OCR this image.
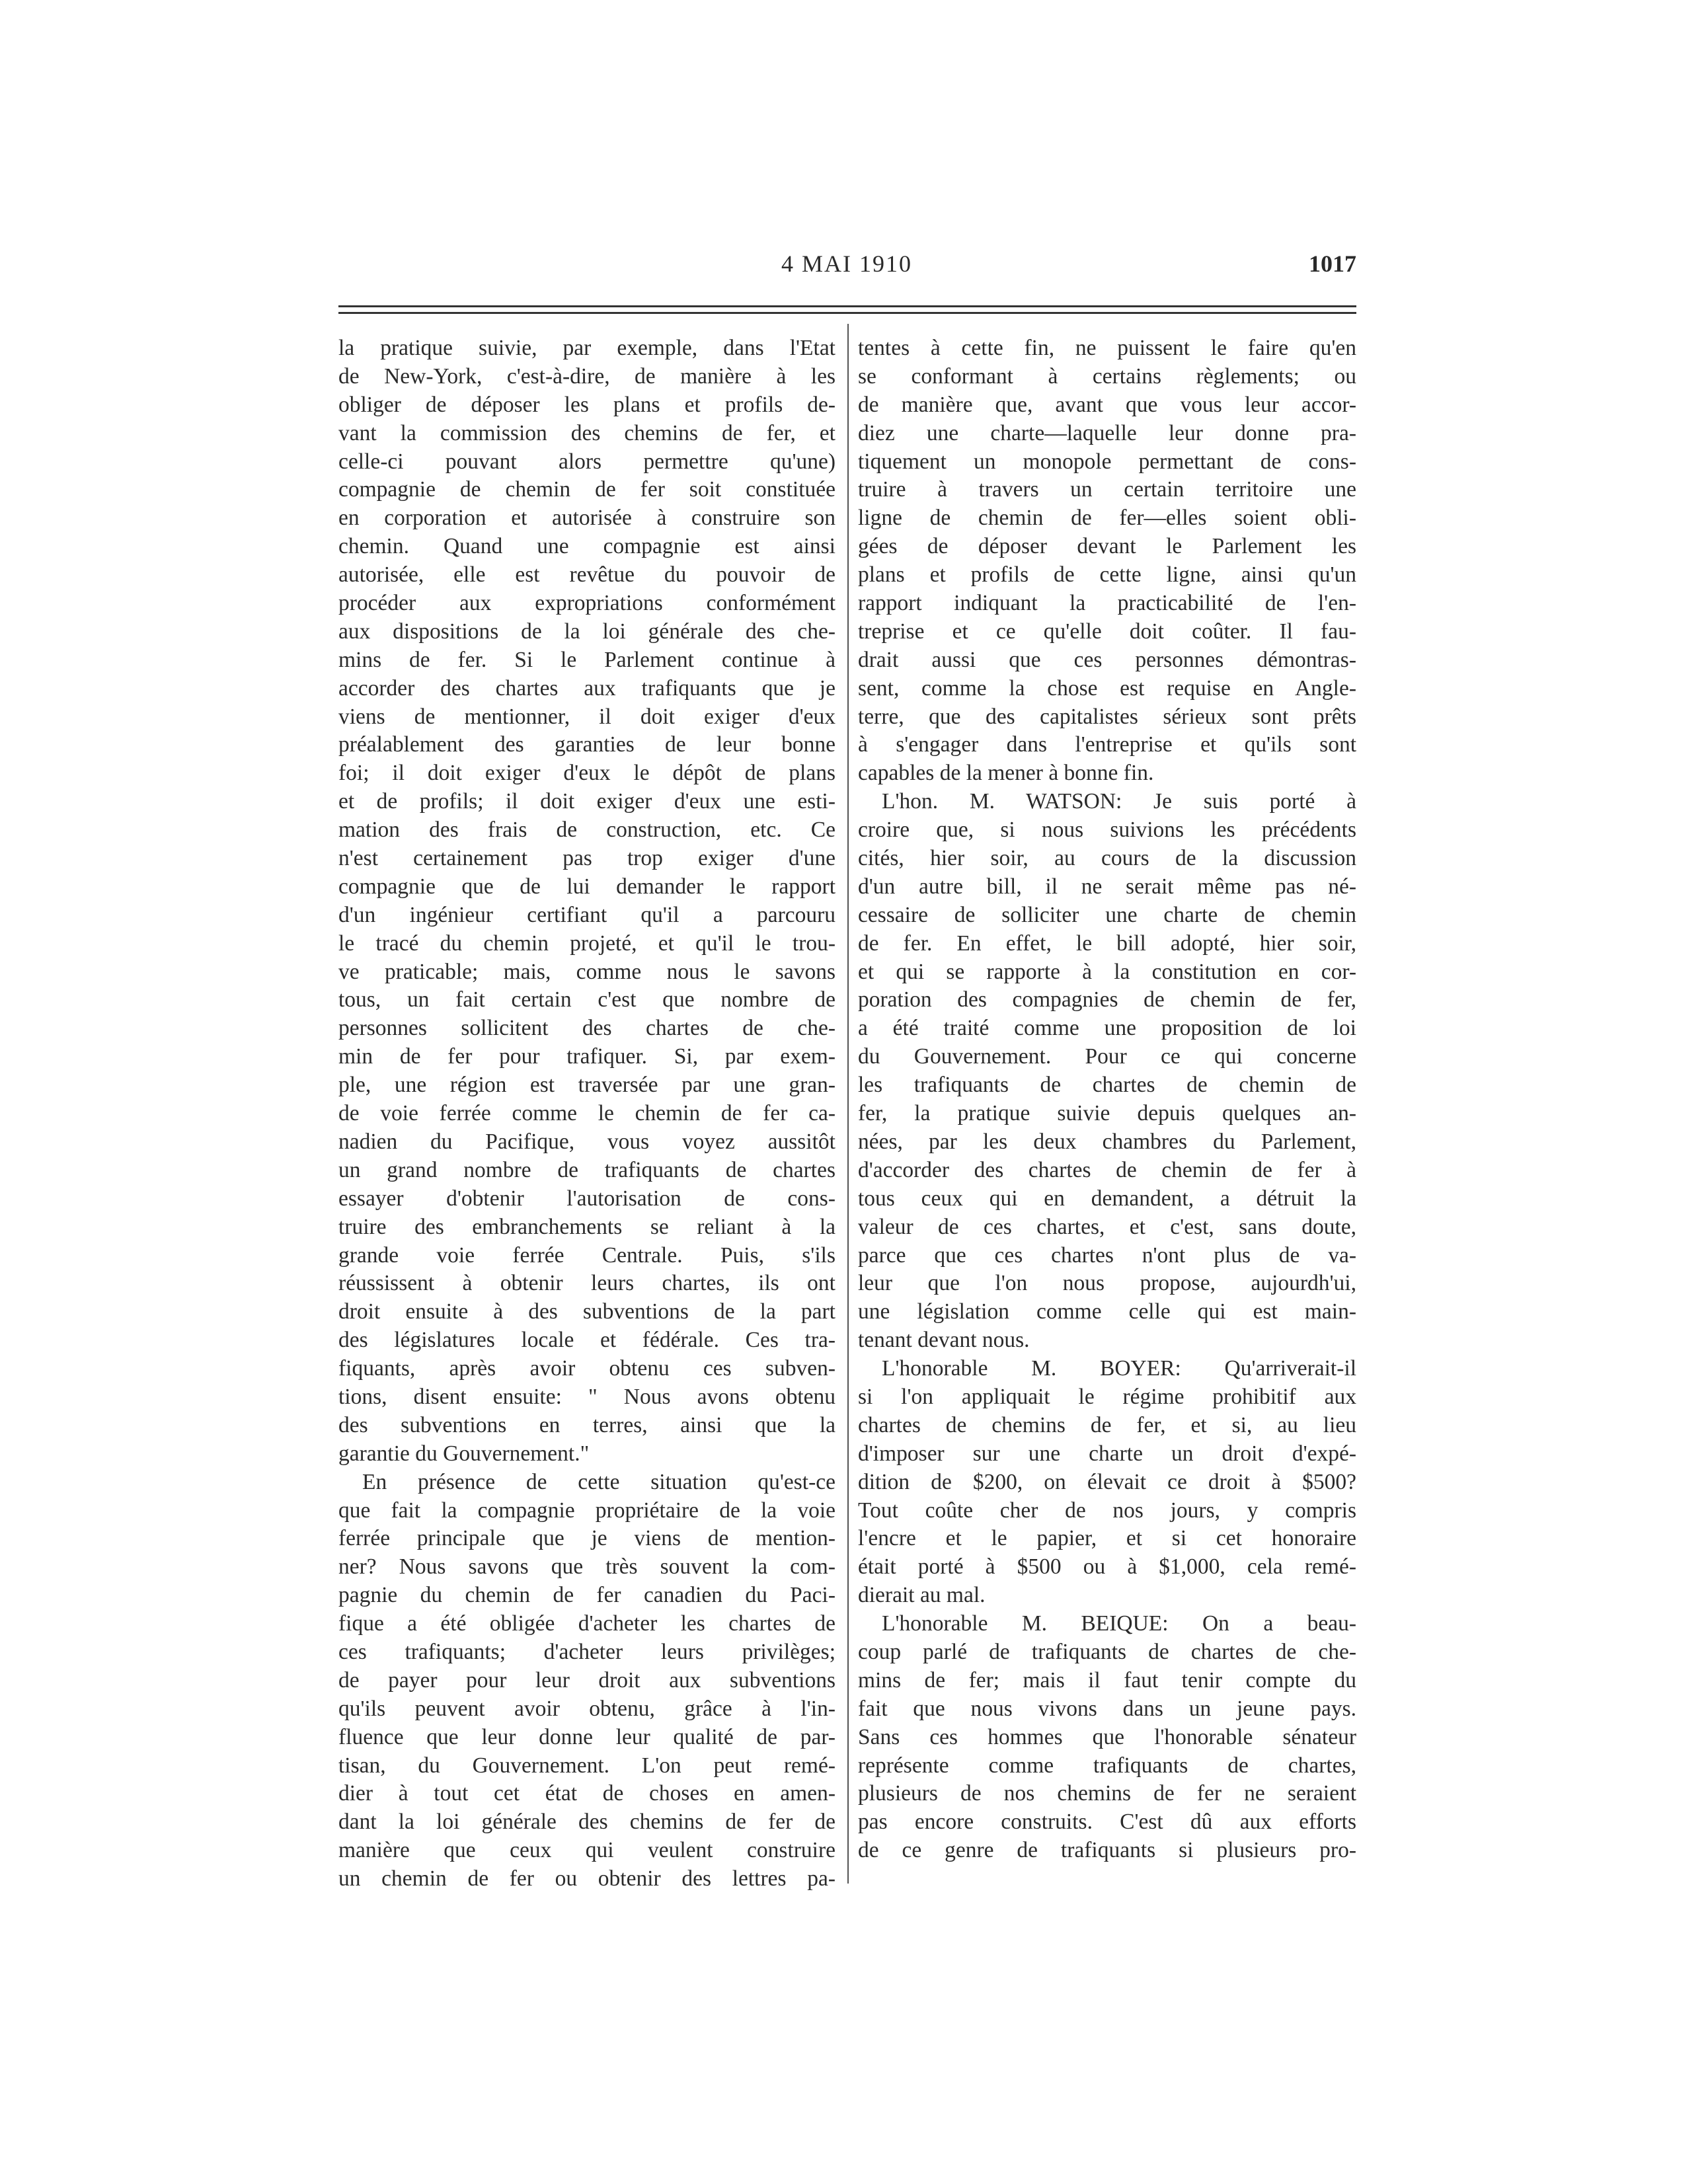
4 MAI 1910	1017
la pratique suivie, par exemple, dans l'Etat
de New-York, c'est-à-dire, de manière à les
obliger de déposer les plans et profils de-
vant la commission des chemins de fer, et
celle-ci pouvant alors permettre qu'une)
compagnie de chemin de fer soit constituée
en corporation et autorisée à construire son
chemin. Quand une compagnie est ainsi
autorisée, elle est revêtue du pouvoir de
procéder aux expropriations conformément
aux dispositions de la loi générale des che-
mins de fer. Si le Parlement continue à
accorder des chartes aux trafiquants que je
viens de mentionner, il doit exiger d'eux
préalablement des garanties de leur bonne
foi; il doit exiger d'eux le dépôt de plans
et de profils; il doit exiger d'eux une esti-
mation des frais de construction, etc. Ce
n'est certainement pas trop exiger d'une
compagnie que de lui demander le rapport
d'un ingénieur certifiant qu'il a parcouru
le tracé du chemin projeté, et qu'il le trou-
ve praticable; mais, comme nous le savons
tous, un fait certain c'est que nombre de
personnes sollicitent des chartes de che-
min de fer pour trafiquer. Si, par exem-
ple, une région est traversée par une gran-
de voie ferrée comme le chemin de fer ca-
nadien du Pacifique, vous voyez aussitôt
un grand nombre de trafiquants de chartes
essayer d'obtenir l'autorisation de cons-
truire des embranchements se reliant à la
grande voie ferrée Centrale. Puis, s'ils
réussissent à obtenir leurs chartes, ils ont
droit ensuite à des subventions de la part
des législatures locale et fédérale. Ces tra-
fiquants, après avoir obtenu ces subven-
tions, disent ensuite: " Nous avons obtenu
des subventions en terres, ainsi que la
garantie du Gouvernement."
En présence de cette situation qu'est-ce
que fait la compagnie propriétaire de la voie
ferrée principale que je viens de mention-
ner? Nous savons que très souvent la com-
pagnie du chemin de fer canadien du Paci-
fique a été obligée d'acheter les chartes de
ces trafiquants; d'acheter leurs privilèges;
de payer pour leur droit aux subventions
qu'ils peuvent avoir obtenu, grâce à l'in-
fluence que leur donne leur qualité de par-
tisan, du Gouvernement. L'on peut remé-
dier à tout cet état de choses en amen-
dant la loi générale des chemins de fer de
manière que ceux qui veulent construire
un chemin de fer ou obtenir des lettres pa-
tentes à cette fin, ne puissent le faire qu'en
se conformant à certains règlements; ou
de manière que, avant que vous leur accor-
diez une charte—laquelle leur donne pra-
tiquement un monopole permettant de cons-
truire à travers un certain territoire une
ligne de chemin de fer—elles soient obli-
gées de déposer devant le Parlement les
plans et profils de cette ligne, ainsi qu'un
rapport indiquant la practicabilité de l'en-
treprise et ce qu'elle doit coûter. Il fau-
drait aussi que ces personnes démontras-
sent, comme la chose est requise en Angle-
terre, que des capitalistes sérieux sont prêts
à s'engager dans l'entreprise et qu'ils sont
capables de la mener à bonne fin.
L'hon. M. WATSON: Je suis porté à
croire que, si nous suivions les précédents
cités, hier soir, au cours de la discussion
d'un autre bill, il ne serait même pas né-
cessaire de solliciter une charte de chemin
de fer. En effet, le bill adopté, hier soir,
et qui se rapporte à la constitution en cor-
poration des compagnies de chemin de fer,
a été traité comme une proposition de loi
du Gouvernement. Pour ce qui concerne
les trafiquants de chartes de chemin de
fer, la pratique suivie depuis quelques an-
nées, par les deux chambres du Parlement,
d'accorder des chartes de chemin de fer à
tous ceux qui en demandent, a détruit la
valeur de ces chartes, et c'est, sans doute,
parce que ces chartes n'ont plus de va-
leur que l'on nous propose, aujourdh'ui,
une législation comme celle qui est main-
tenant devant nous.
L'honorable M. BOYER: Qu'arriverait-il
si l'on appliquait le régime prohibitif aux
chartes de chemins de fer, et si, au lieu
d'imposer sur une charte un droit d'expé-
dition de $200, on élevait ce droit à $500?
Tout coûte cher de nos jours, y compris
l'encre et le papier, et si cet honoraire
était porté à $500 ou à $1,000, cela remé-
dierait au mal.
L'honorable M. BEIQUE: On a beau-
coup parlé de trafiquants de chartes de che-
mins de fer; mais il faut tenir compte du
fait que nous vivons dans un jeune pays.
Sans ces hommes que l'honorable sénateur
représente comme trafiquants de chartes,
plusieurs de nos chemins de fer ne seraient
pas encore construits. C'est dû aux efforts
de ce genre de trafiquants si plusieurs pro-
